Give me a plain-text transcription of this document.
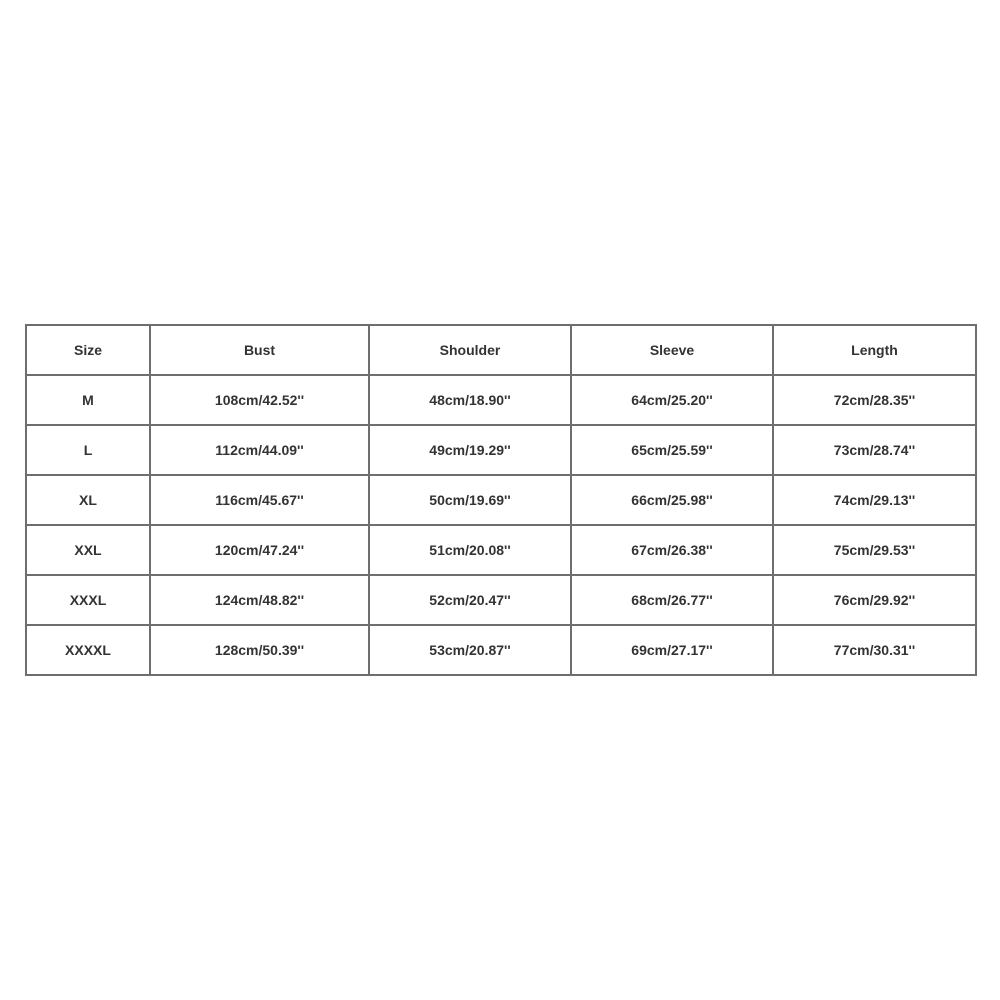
Size	Bust	Shoulder	Sleeve	Length
M	108cm/42.52''	48cm/18.90''	64cm/25.20''	72cm/28.35''
L	112cm/44.09''	49cm/19.29''	65cm/25.59''	73cm/28.74''
XL	116cm/45.67''	50cm/19.69''	66cm/25.98''	74cm/29.13''
XXL	120cm/47.24''	51cm/20.08''	67cm/26.38''	75cm/29.53''
XXXL	124cm/48.82''	52cm/20.47''	68cm/26.77''	76cm/29.92''
XXXXL	128cm/50.39''	53cm/20.87''	69cm/27.17''	77cm/30.31''
